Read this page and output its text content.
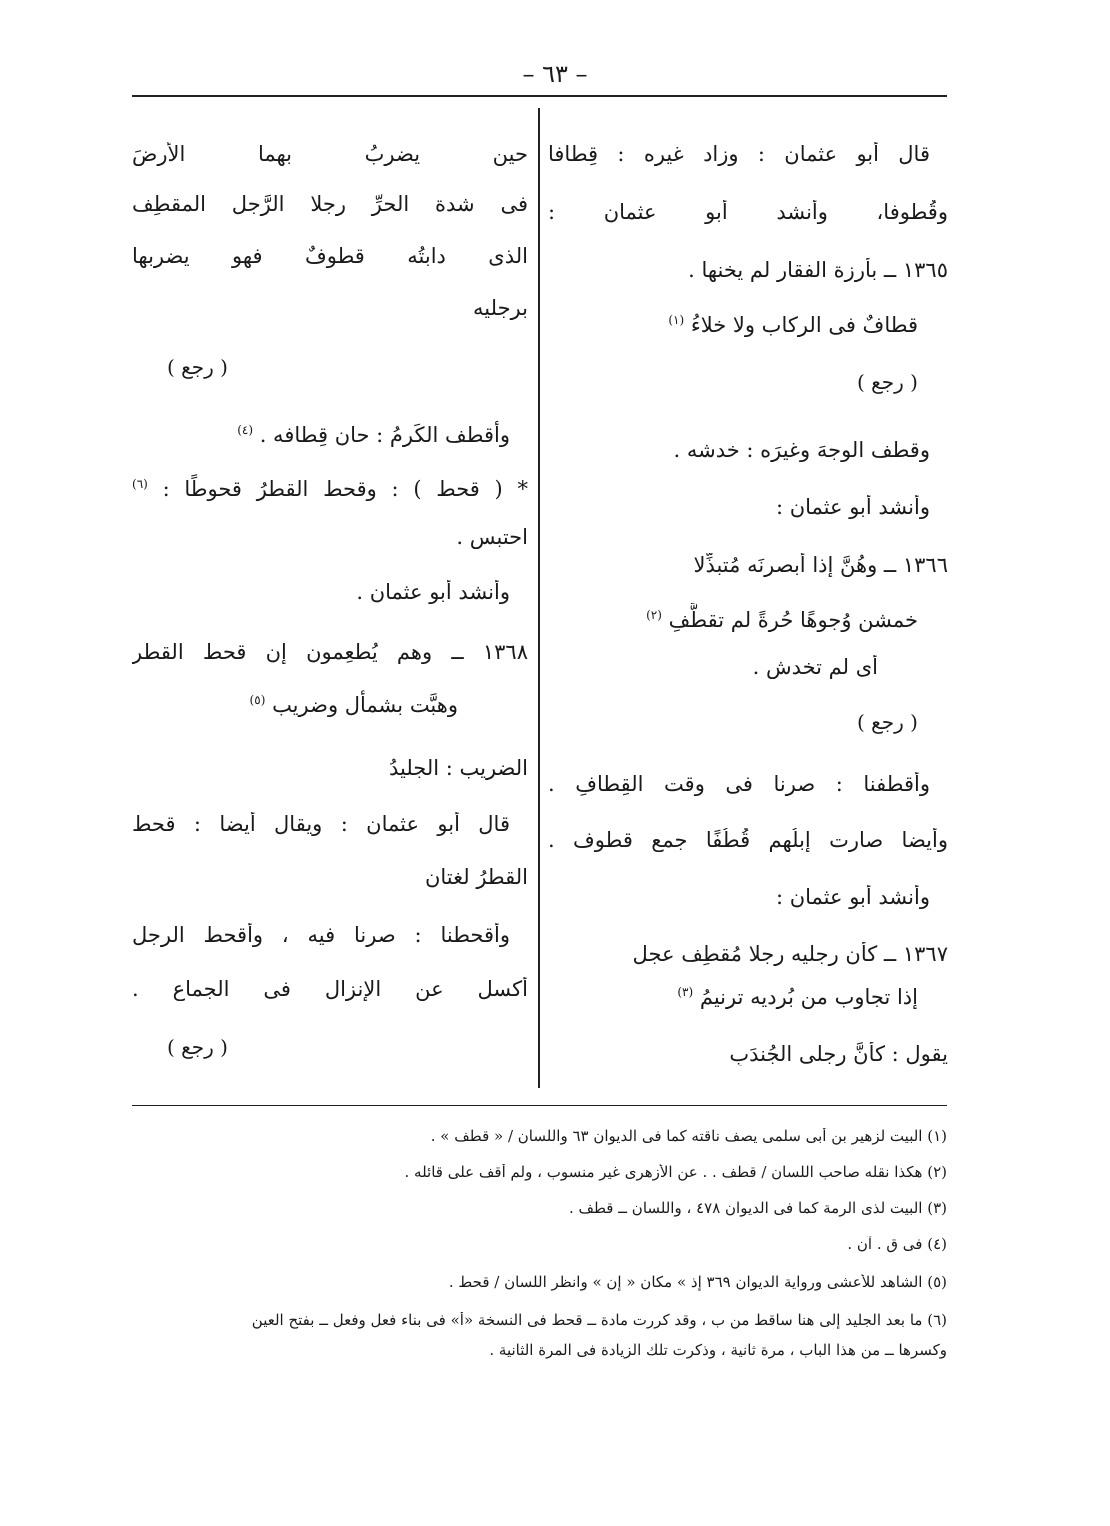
– ٦٣ –
قال أبو عثمان : وزاد غيره : قِطافا
وقُطوفا، وأنشد أبو عثمان :
١٣٦٥ ــ بأرزة الفقار لم يخنها .
قطافٌ فى الركاب ولا خلاءُ $^{(١)}$
( رجع )
وقطف الوجهَ وغيرَه : خدشه .
وأنشد أبو عثمان :
١٣٦٦ ــ وهُنَّ إذا أبصرنَه مُتبذِّلا
خمشن وُجوهًا حُرةً لم تقطَّفِ $^{(٢)}$
أى لم تخدش .
( رجع )
وأقطفنا : صرنا فى وقت القِطافِ .
وأيضا صارت إبلُهم قُطُفًا جمع قطوف .
وأنشد أبو عثمان :
١٣٦٧ ــ كأن رجليه رجلا مُقطِف عجل
إذا تجاوب من بُرديه ترنيمُ $^{(٣)}$
يقول : كأنَّ رجلى الجُندَبِ
حين يضربُ بهما الأرضَ
فى شدة الحرِّ رجلا الرَّجل المقطِف
الذى دابتُه قطوفٌ فهو يضربها
برجليه
( رجع )
وأقطف الكَرمُ : حان قِطافه . $^{(٤)}$
* ( قحط ) : وقحط القطرُ قحوطًا : $^{(٦)}$
احتبس .
وأنشد أبو عثمان .
١٣٦٨ ــ وهم يُطعِمون إن قحط القطر
وهبَّت بشمأل وضريب $^{(٥)}$
الضريب : الجليدُ
قال أبو عثمان : ويقال أيضا : قحط
القطرُ لغتان
وأقحطنا : صرنا فيه ، وأقحط الرجل
أكسل عن الإنزال فى الجماع .
( رجع )
(١) البيت لزهير بن أبى سلمى يصف ناقته كما فى الديوان ٦٣ واللسان / « قطف » .
(٢) هكذا نقله صاحب اللسان / قطف . . عن الأزهرى غير منسوب ، ولم أقف على قائله .
(٣) البيت لذى الرمة كما فى الديوان ٤٧٨ ، واللسان ــ قطف .
(٤) فى ق . آن .
(٥) الشاهد للأعشى ورواية الديوان ٣٦٩ إذ » مكان « إن » وانظر اللسان / قحط .
(٦) ما بعد الجليد إلى هنا ساقط من ب ، وقد كررت مادة ــ قحط فى النسخة «أ» فى بناء فعل وفعل ــ بفتح العين
وكسرها ــ من هذا الباب ، مرة ثانية ، وذكرت تلك الزيادة فى المرة الثانية .
